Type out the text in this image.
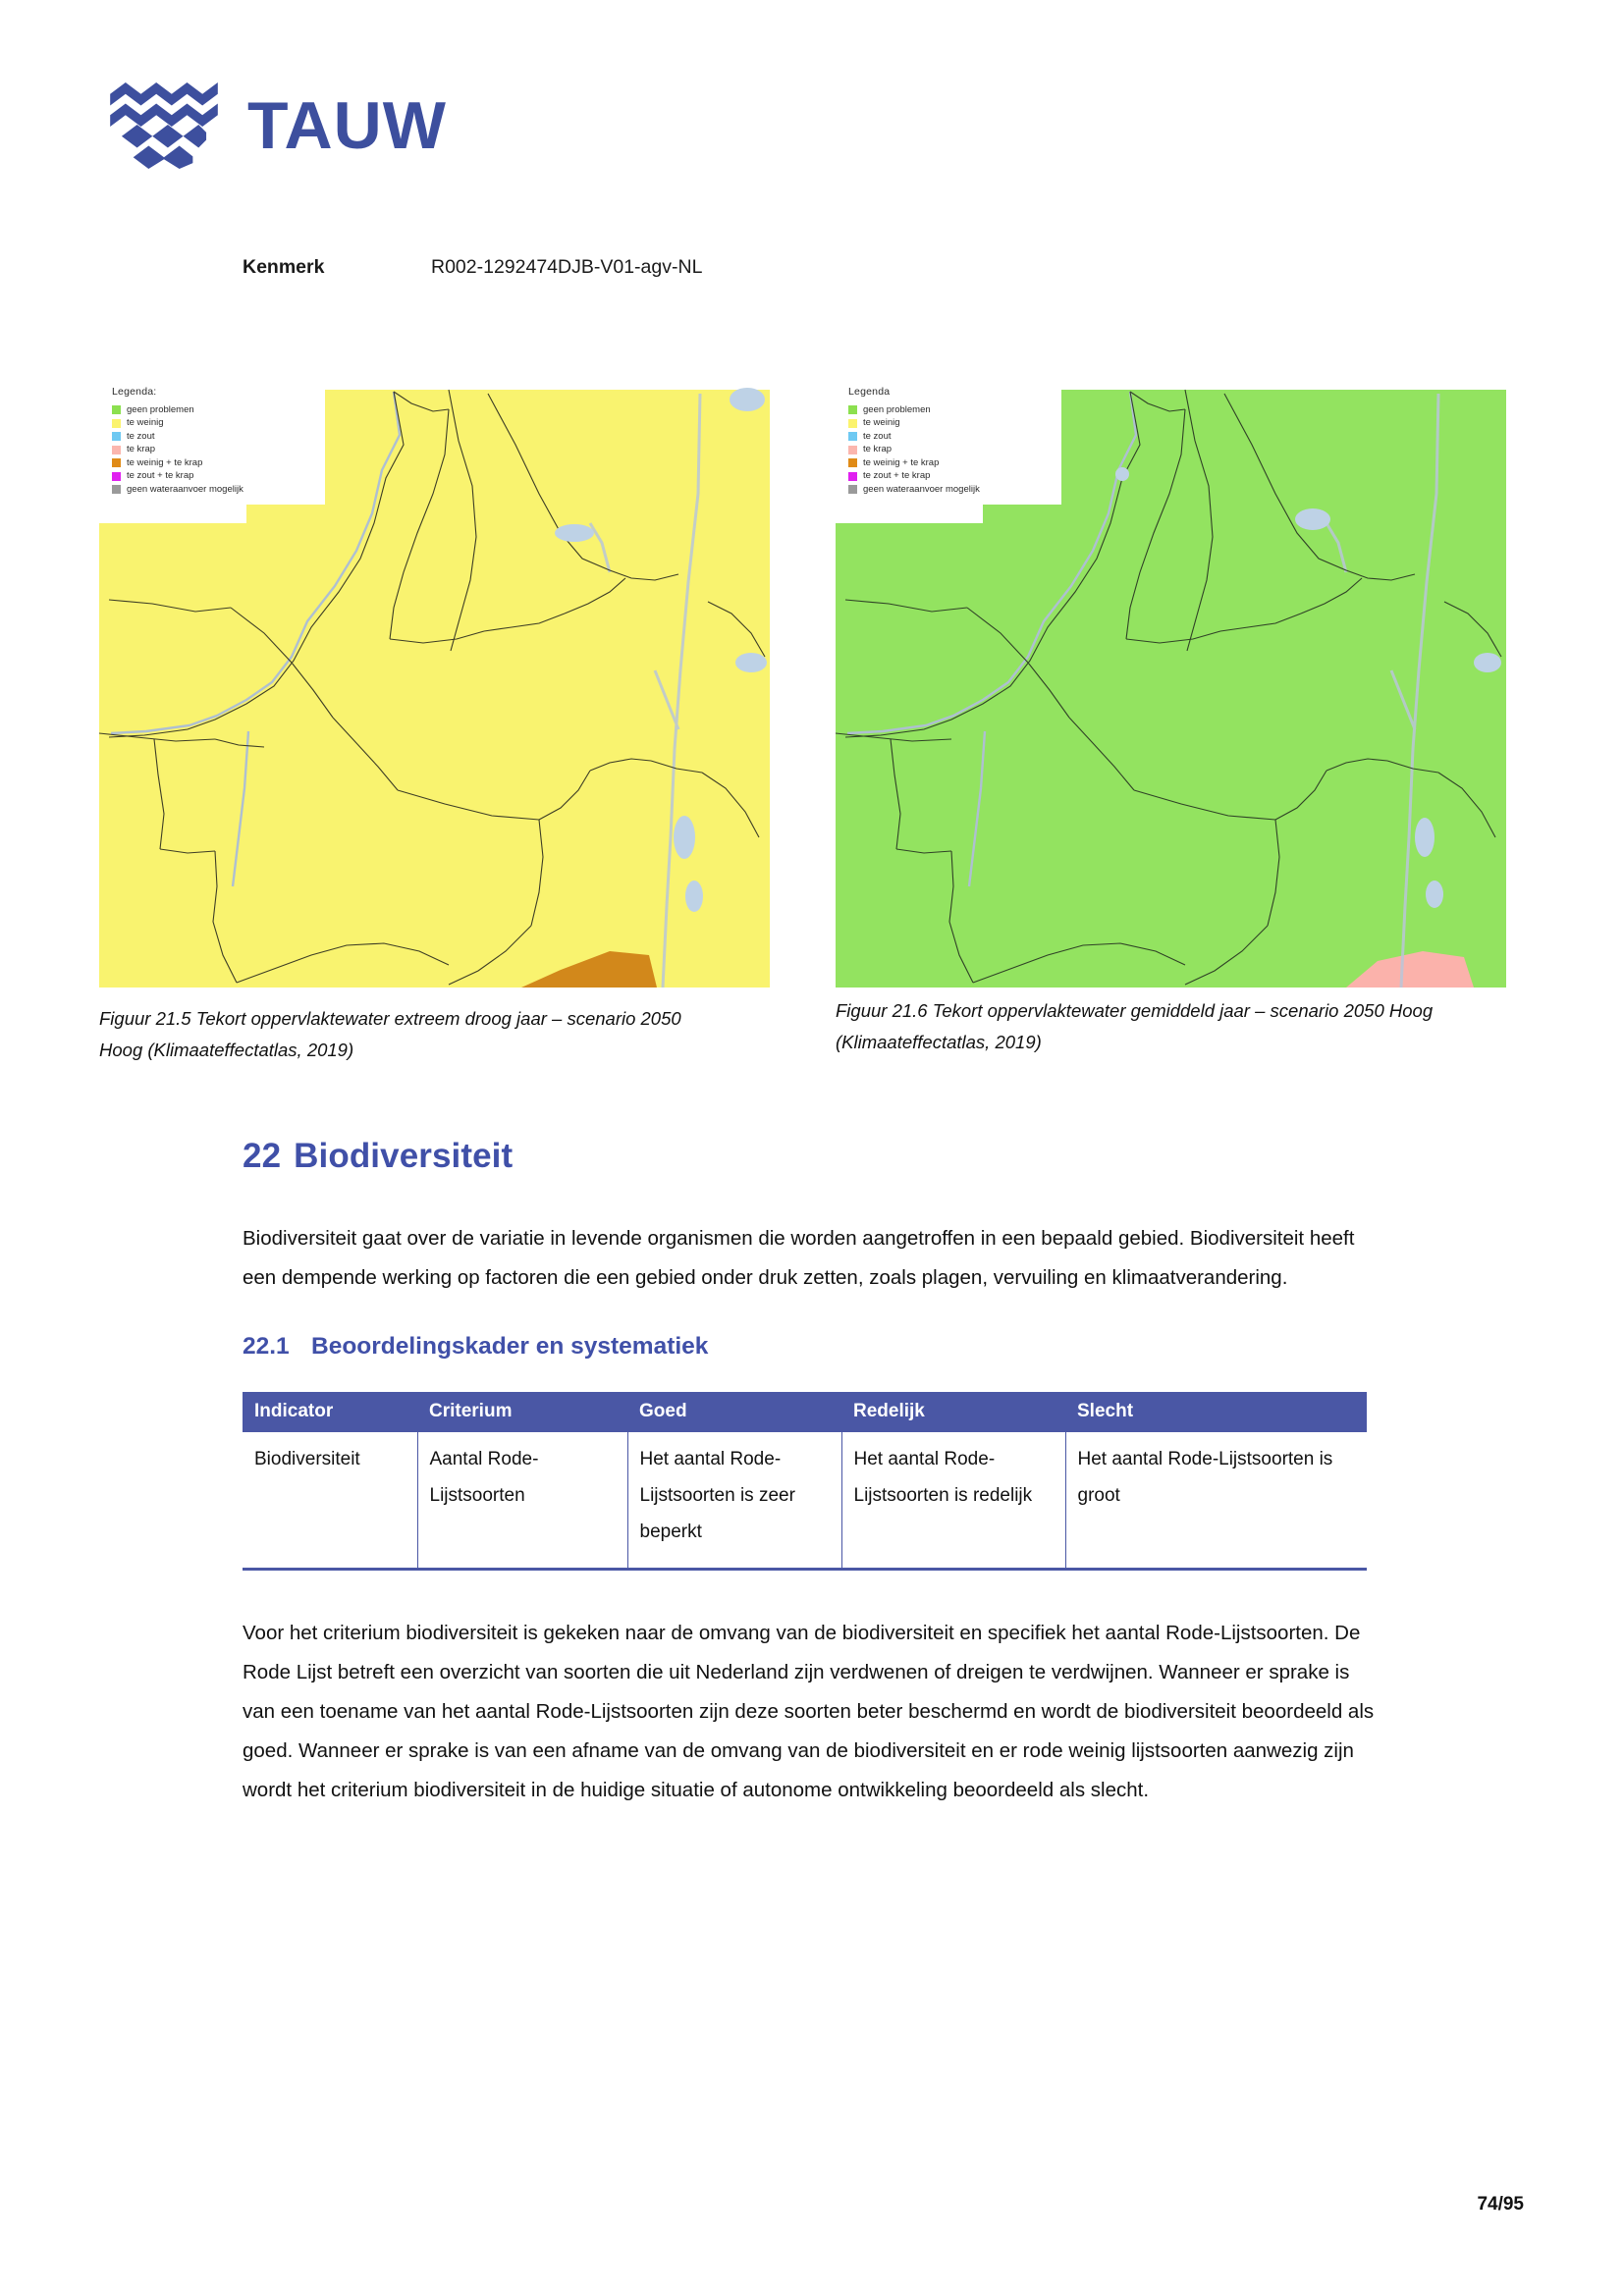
TAUW
Kenmerk	R002-1292474DJB-V01-agv-NL
Legenda:
geen problemen
te weinig
te zout
te krap
te weinig + te krap
te zout + te krap
geen wateraanvoer mogelijk
Figuur 21.5 Tekort oppervlaktewater extreem droog jaar – scenario 2050 Hoog (Klimaateffectatlas, 2019)
Legenda
geen problemen
te weinig
te zout
te krap
te weinig + te krap
te zout + te krap
geen wateraanvoer mogelijk
Figuur 21.6 Tekort oppervlaktewater gemiddeld jaar – scenario 2050 Hoog (Klimaateffectatlas, 2019)
22 Biodiversiteit

Biodiversiteit gaat over de variatie in levende organismen die worden aangetroffen in een bepaald gebied. Biodiversiteit heeft een dempende werking op factoren die een gebied onder druk zetten, zoals plagen, vervuiling en klimaatverandering.

22.1 Beoordelingskader en systematiek
Indicator	Criterium	Goed	Redelijk	Slecht
Biodiversiteit	Aantal Rode-Lijstsoorten	Het aantal Rode-Lijstsoorten is zeer beperkt	Het aantal Rode-Lijstsoorten is redelijk	Het aantal Rode-Lijstsoorten is groot

Voor het criterium biodiversiteit is gekeken naar de omvang van de biodiversiteit en specifiek het aantal Rode-Lijstsoorten. De Rode Lijst betreft een overzicht van soorten die uit Nederland zijn verdwenen of dreigen te verdwijnen. Wanneer er sprake is van een toename van het aantal Rode-Lijstsoorten zijn deze soorten beter beschermd en wordt de biodiversiteit beoordeeld als goed. Wanneer er sprake is van een afname van de omvang van de biodiversiteit en er rode weinig lijstsoorten aanwezig zijn wordt het criterium biodiversiteit in de huidige situatie of autonome ontwikkeling beoordeeld als slecht.

74/95
